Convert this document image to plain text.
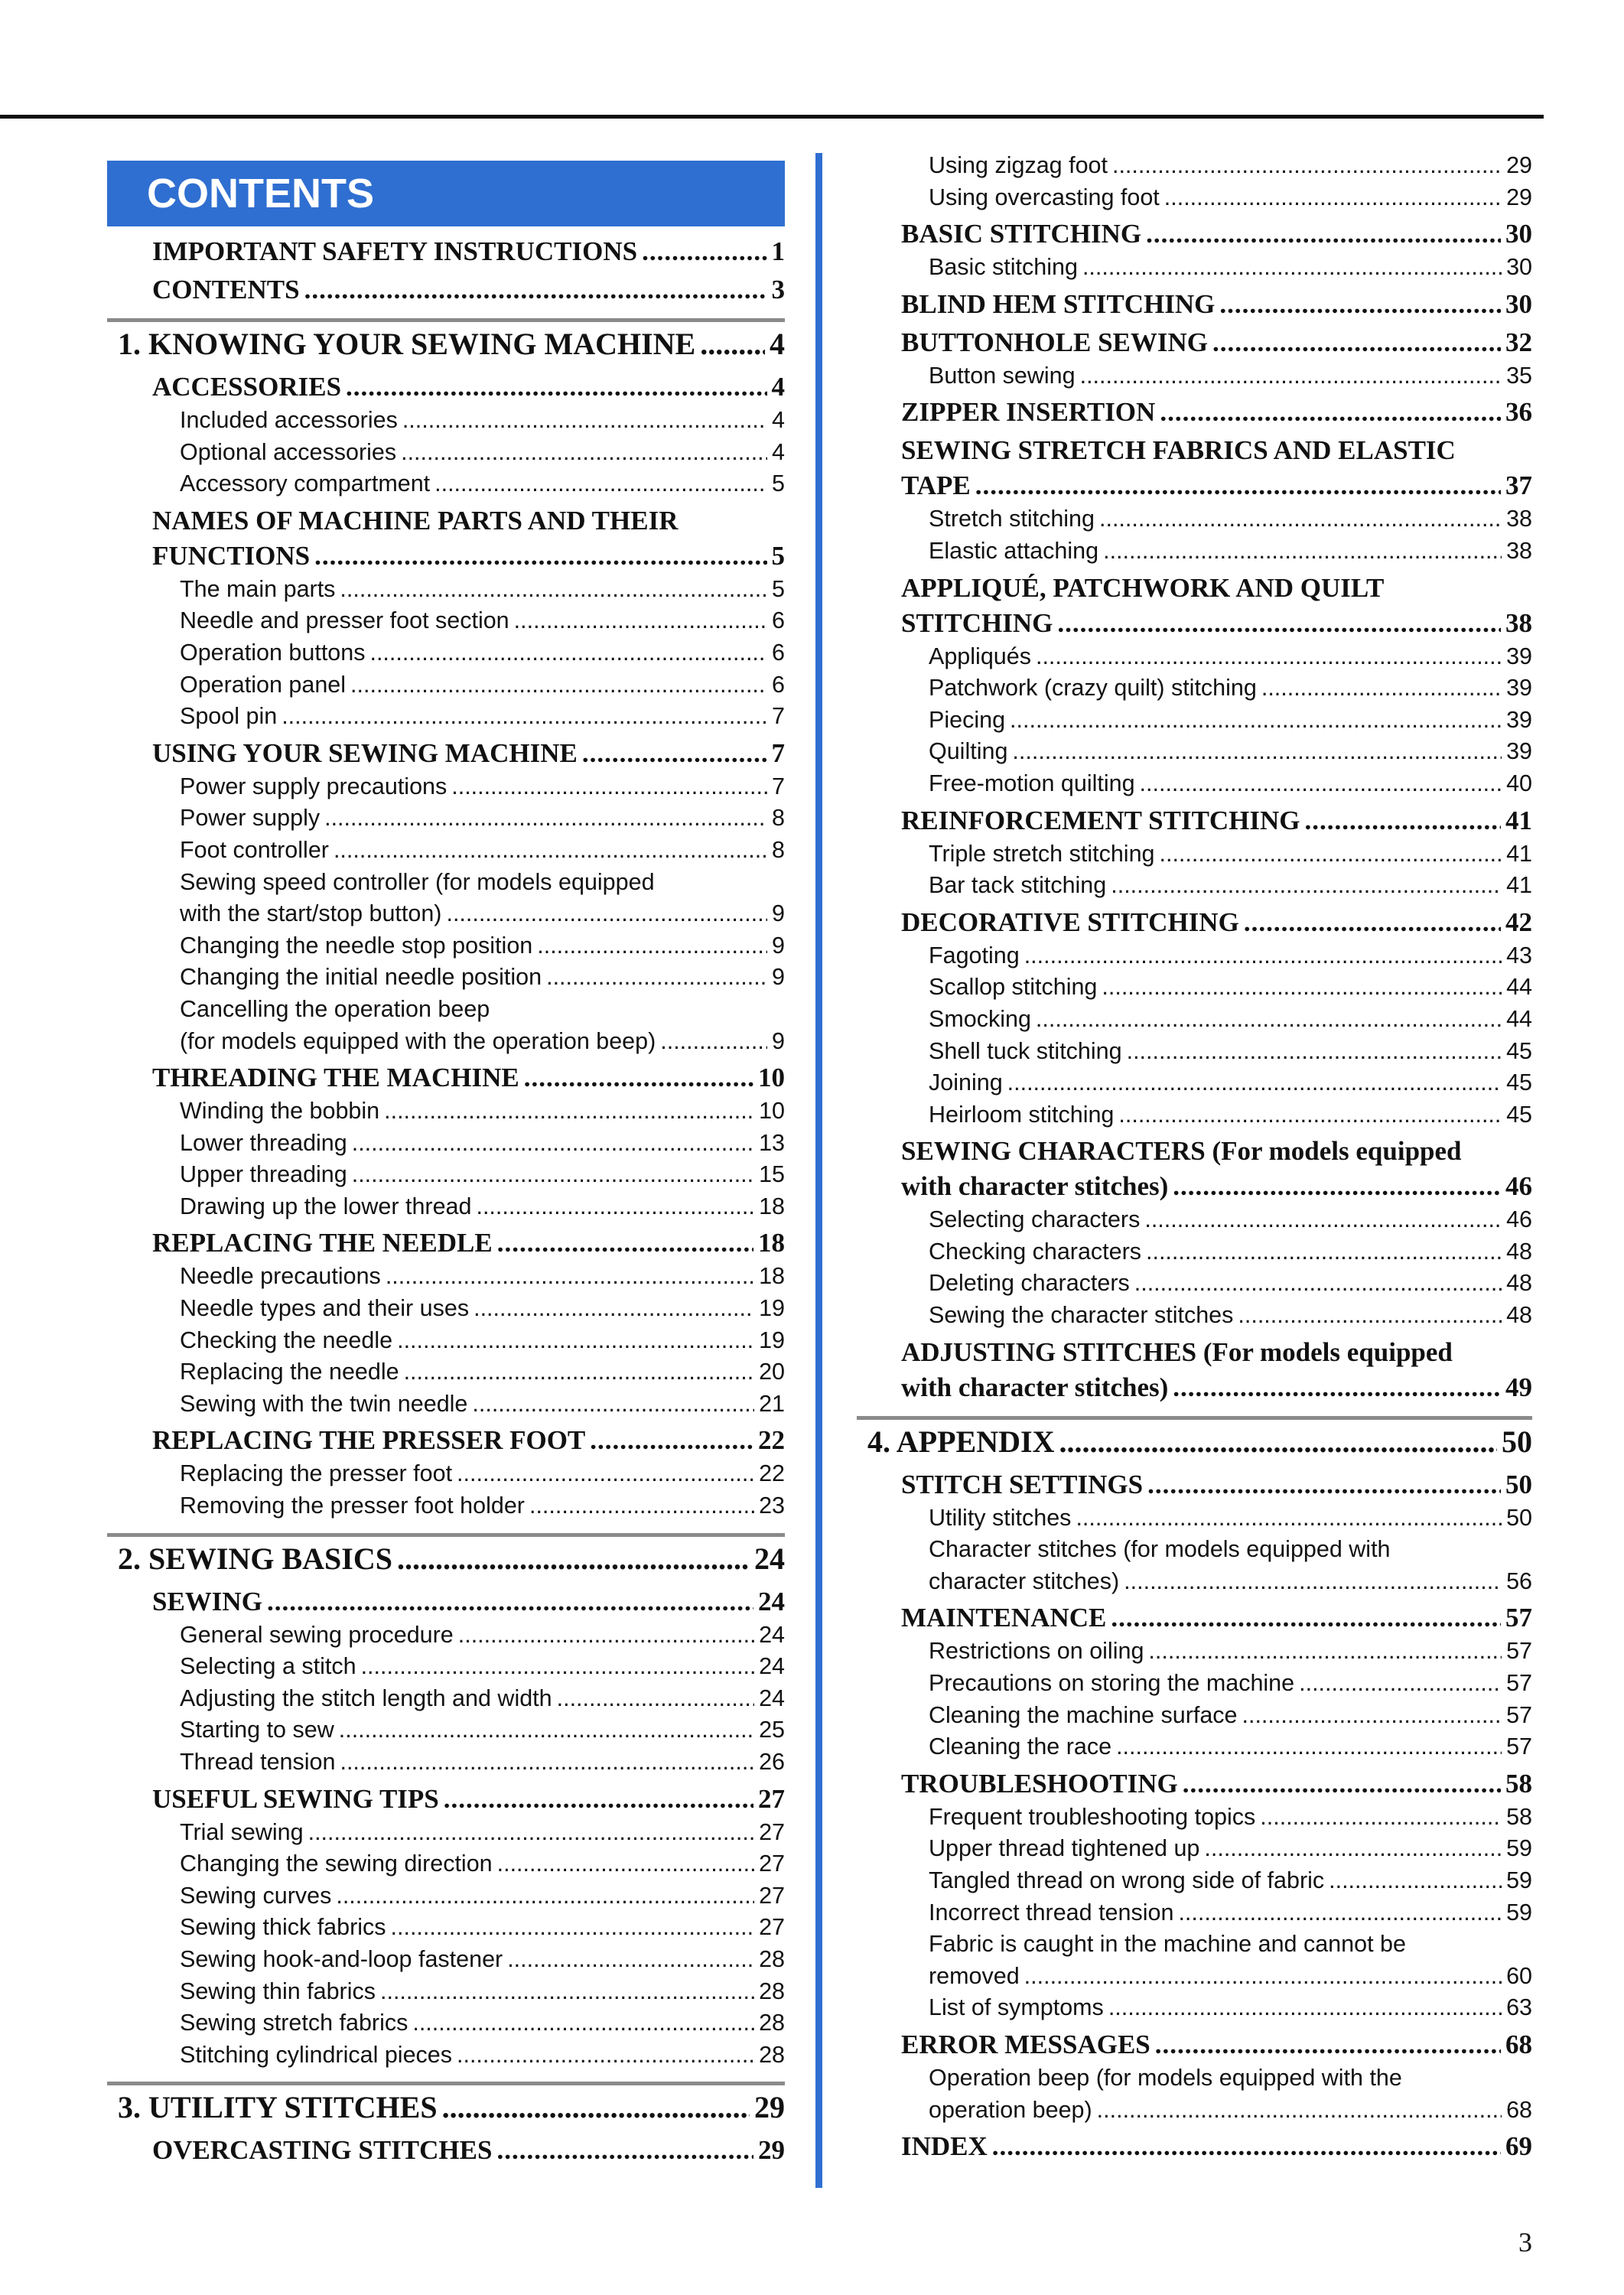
CONTENTS
IMPORTANT SAFETY INSTRUCTIONS .....	1
CONTENTS .....	3
1. KNOWING YOUR SEWING MACHINE ..... 4
ACCESSORIES .....	4
Included accessories .....	4
Optional accessories .....	4
Accessory compartment .....	5
NAMES OF MACHINE PARTS AND THEIR
FUNCTIONS .....	5
The main parts .....	5
Needle and presser foot section .....	6
Operation buttons .....	6
Operation panel .....	6
Spool pin .....	7
USING YOUR SEWING MACHINE .....	7
Power supply precautions .....	7
Power supply .....	8
Foot controller .....	8
Sewing speed controller (for models equipped
with the start/stop button) .....	9
Changing the needle stop position .....	9
Changing the initial needle position .....	9
Cancelling the operation beep
(for models equipped with the operation beep) .....	9
THREADING THE MACHINE .....	10
Winding the bobbin .....	10
Lower threading .....	13
Upper threading .....	15
Drawing up the lower thread .....	18
REPLACING THE NEEDLE .....	18
Needle precautions .....	18
Needle types and their uses .....	19
Checking the needle .....	19
Replacing the needle .....	20
Sewing with the twin needle .....	21
REPLACING THE PRESSER FOOT .....	22
Replacing the presser foot .....	22
Removing the presser foot holder .....	23
2. SEWING BASICS .....	24
SEWING .....	24
General sewing procedure .....	24
Selecting a stitch .....	24
Adjusting the stitch length and width .....	24
Starting to sew .....	25
Thread tension .....	26
USEFUL SEWING TIPS .....	27
Trial sewing .....	27
Changing the sewing direction .....	27
Sewing curves .....	27
Sewing thick fabrics .....	27
Sewing hook-and-loop fastener .....	28
Sewing thin fabrics .....	28
Sewing stretch fabrics .....	28
Stitching cylindrical pieces .....	28
3. UTILITY STITCHES .....	29
OVERCASTING STITCHES .....	29
Using zigzag foot .....	29
Using overcasting foot .....	29
BASIC STITCHING .....	30
Basic stitching .....	30
BLIND HEM STITCHING .....	30
BUTTONHOLE SEWING .....	32
Button sewing .....	35
ZIPPER INSERTION .....	36
SEWING STRETCH FABRICS AND ELASTIC
TAPE .....	37
Stretch stitching .....	38
Elastic attaching .....	38
APPLIQUÉ, PATCHWORK AND QUILT
STITCHING .....	38
Appliqués .....	39
Patchwork (crazy quilt) stitching .....	39
Piecing .....	39
Quilting .....	39
Free-motion quilting .....	40
REINFORCEMENT STITCHING .....	41
Triple stretch stitching .....	41
Bar tack stitching .....	41
DECORATIVE STITCHING .....	42
Fagoting .....	43
Scallop stitching .....	44
Smocking .....	44
Shell tuck stitching .....	45
Joining .....	45
Heirloom stitching .....	45
SEWING CHARACTERS (For models equipped
with character stitches) .....	46
Selecting characters .....	46
Checking characters .....	48
Deleting characters .....	48
Sewing the character stitches .....	48
ADJUSTING STITCHES (For models equipped
with character stitches) .....	49
4. APPENDIX .....	50
STITCH SETTINGS .....	50
Utility stitches .....	50
Character stitches (for models equipped with
character stitches) .....	56
MAINTENANCE .....	57
Restrictions on oiling .....	57
Precautions on storing the machine .....	57
Cleaning the machine surface .....	57
Cleaning the race .....	57
TROUBLESHOOTING .....	58
Frequent troubleshooting topics .....	58
Upper thread tightened up .....	59
Tangled thread on wrong side of fabric .....	59
Incorrect thread tension .....	59
Fabric is caught in the machine and cannot be
removed .....	60
List of symptoms .....	63
ERROR MESSAGES .....	68
Operation beep (for models equipped with the
operation beep) .....	68
INDEX .....	69
3
